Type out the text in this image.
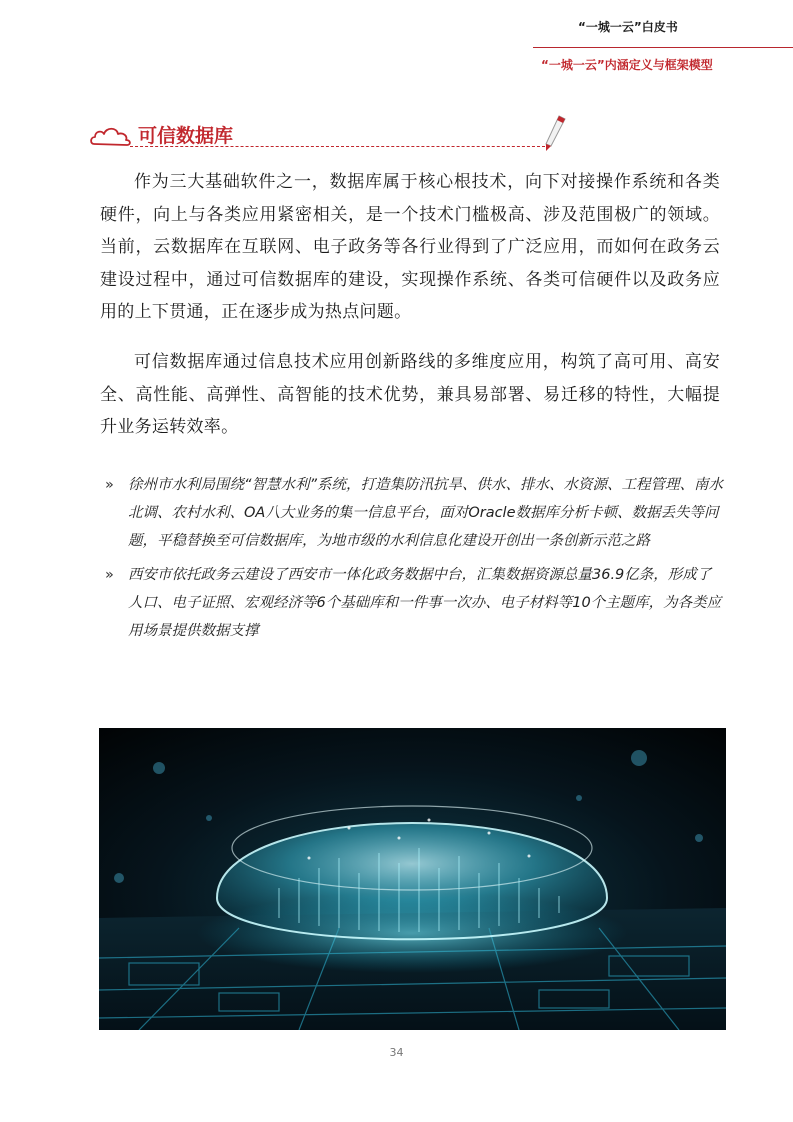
“一城一云”白皮书
“一城一云”内涵定义与框架模型
可信数据库

作为三大基础软件之一，数据库属于核心根技术，向下对接操作系统和各类硬件，向上与各类应用紧密相关，是一个技术门槛极高、涉及范围极广的领域。当前，云数据库在互联网、电子政务等各行业得到了广泛应用，而如何在政务云建设过程中，通过可信数据库的建设，实现操作系统、各类可信硬件以及政务应用的上下贯通，正在逐步成为热点问题。

可信数据库通过信息技术应用创新路线的多维度应用，构筑了高可用、高安全、高性能、高弹性、高智能的技术优势，兼具易部署、易迁移的特性，大幅提升业务运转效率。

» 徐州市水利局围绕“智慧水利”系统，打造集防汛抗旱、供水、排水、水资源、工程管理、南水北调、农村水利、OA八大业务的集一信息平台，面对Oracle数据库分析卡顿、数据丢失等问题，平稳替换至可信数据库，为地市级的水利信息化建设开创出一条创新示范之路
» 西安市依托政务云建设了西安市一体化政务数据中台，汇集数据资源总量36.9亿条，形成了人口、电子证照、宏观经济等6个基础库和一件事一次办、电子材料等10个主题库，为各类应用场景提供数据支撑
34
